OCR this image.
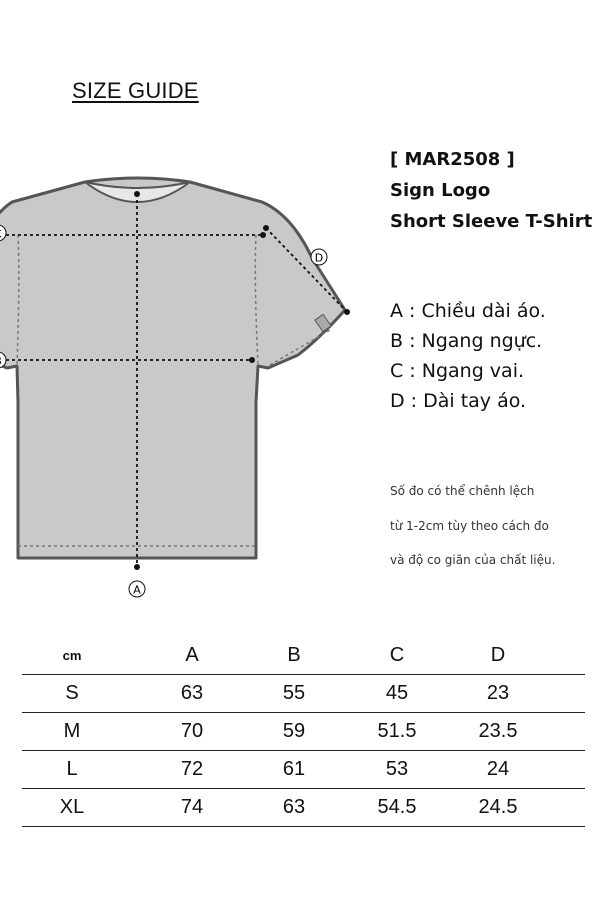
SIZE GUIDE
[ MAR2508 ]
Sign Logo
Short Sleeve T-Shirt
A
D
A : Chiều dài áo.
B : Ngang ngực.
C : Ngang vai.
D : Dài tay áo.
Số đo có thể chênh lệch
từ 1-2cm tùy theo cách đo
và độ co giãn của chất liệu.
cm	A	B	C	D
S	63	55	45	23
M	70	59	51.5	23.5
L	72	61	53	24
XL	74	63	54.5	24.5
